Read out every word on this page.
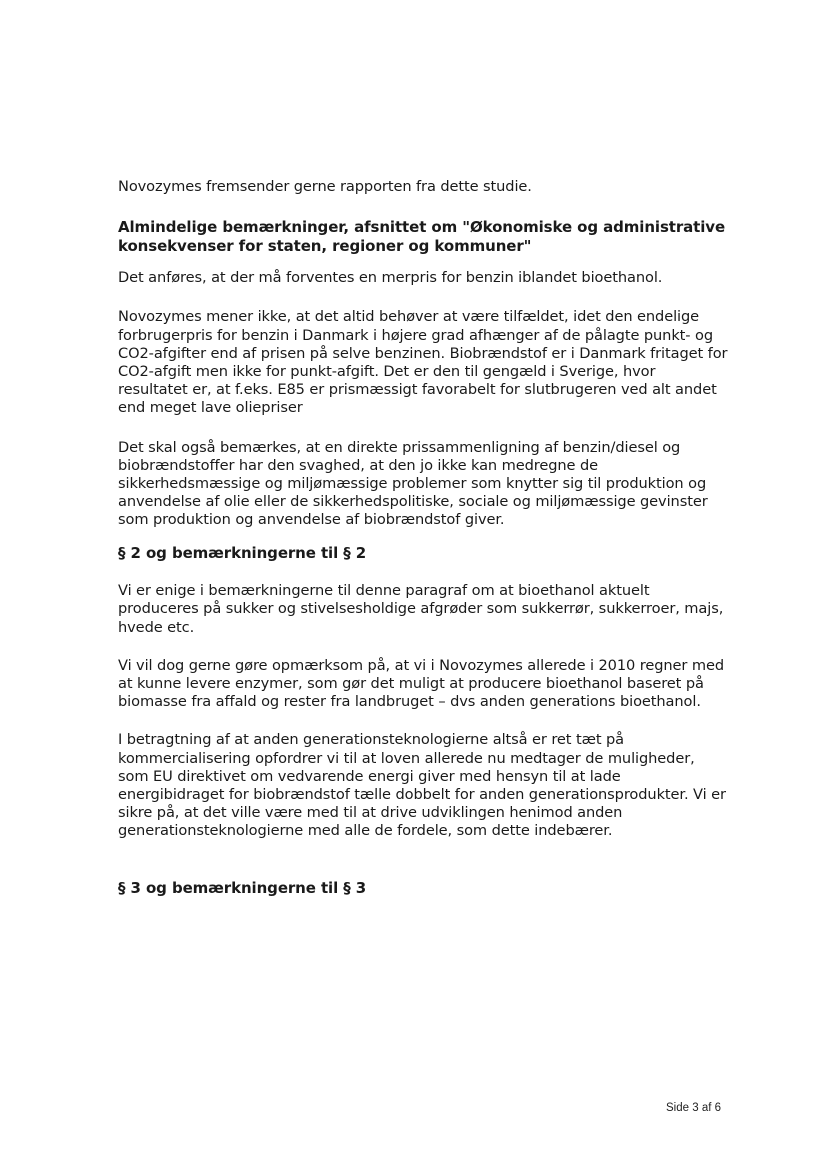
Novozymes fremsender gerne rapporten fra dette studie.

Almindelige bemærkninger, afsnittet om "Økonomiske og administrative konsekvenser for staten, regioner og kommuner"

Det anføres, at der må forventes en merpris for benzin iblandet bioethanol.

Novozymes mener ikke, at det altid behøver at være tilfældet, idet den endelige forbrugerpris for benzin i Danmark i højere grad afhænger af de pålagte punkt- og CO2-afgifter end af prisen på selve benzinen. Biobrændstof er i Danmark fritaget for CO2-afgift men ikke for punkt-afgift. Det er den til gengæld i Sverige, hvor resultatet er, at f.eks. E85 er prismæssigt favorabelt for slutbrugeren ved alt andet end meget lave oliepriser

Det skal også bemærkes, at en direkte prissammenligning af benzin/diesel og biobrændstoffer har den svaghed, at den jo ikke kan medregne de sikkerhedsmæssige og miljømæssige problemer som knytter sig til produktion og anvendelse af olie eller de sikkerhedspolitiske, sociale og miljømæssige gevinster som produktion og anvendelse af biobrændstof giver.

§ 2 og bemærkningerne til § 2

Vi er enige i bemærkningerne til denne paragraf om at bioethanol aktuelt produceres på sukker og stivelsesholdige afgrøder som sukkerrør, sukkerroer, majs, hvede etc.

Vi vil dog gerne gøre opmærksom på, at vi i Novozymes allerede i 2010 regner med at kunne levere enzymer, som gør det muligt at producere bioethanol baseret på biomasse fra affald og rester fra landbruget – dvs anden generations bioethanol.

I betragtning af at anden generationsteknologierne altså er ret tæt på kommercialisering opfordrer vi til at loven allerede nu medtager de muligheder, som EU direktivet om vedvarende energi giver med hensyn til at lade energibidraget for biobrændstof tælle dobbelt for anden generationsprodukter. Vi er sikre på, at det ville være med til at drive udviklingen henimod anden generationsteknologierne med alle de fordele, som dette indebærer.

§ 3 og bemærkningerne til § 3
Side 3 af 6
